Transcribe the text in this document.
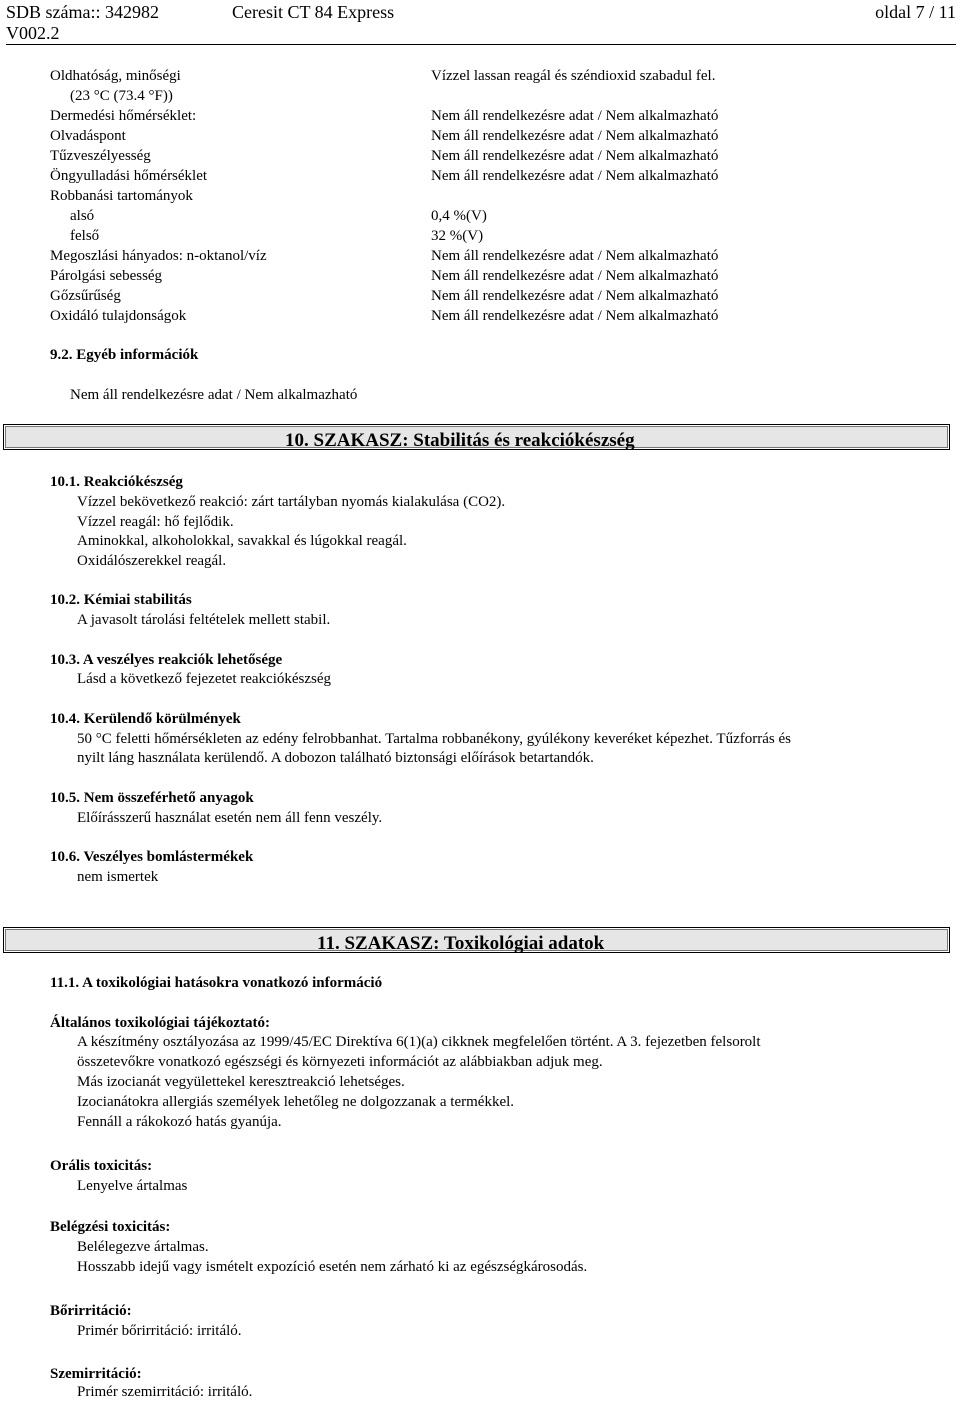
SDB száma:: 342982	Ceresit CT 84 Express	oldal 7 / 11
V002.2
Oldhatóság, minőségi	Vízzel lassan reagál és széndioxid szabadul fel.
(23 °C (73.4 °F))
Dermedési hőmérséklet:	Nem áll rendelkezésre adat / Nem alkalmazható
Olvadáspont	Nem áll rendelkezésre adat / Nem alkalmazható
Tűzveszélyesség	Nem áll rendelkezésre adat / Nem alkalmazható
Öngyulladási hőmérséklet	Nem áll rendelkezésre adat / Nem alkalmazható
Robbanási tartományok
alsó	0,4 %(V)
felső	32 %(V)
Megoszlási hányados: n-oktanol/víz	Nem áll rendelkezésre adat / Nem alkalmazható
Párolgási sebesség	Nem áll rendelkezésre adat / Nem alkalmazható
Gőzsűrűség	Nem áll rendelkezésre adat / Nem alkalmazható
Oxidáló tulajdonságok	Nem áll rendelkezésre adat / Nem alkalmazható
9.2. Egyéb információk
Nem áll rendelkezésre adat / Nem alkalmazható
10. SZAKASZ: Stabilitás és reakciókészség
10.1. Reakciókészség
Vízzel bekövetkező reakció: zárt tartályban nyomás kialakulása (CO2).
Vízzel reagál: hő fejlődik.
Aminokkal, alkoholokkal, savakkal és lúgokkal reagál.
Oxidálószerekkel reagál.
10.2. Kémiai stabilitás
A javasolt tárolási feltételek mellett stabil.
10.3. A veszélyes reakciók lehetősége
Lásd a következő fejezetet reakciókészség
10.4. Kerülendő körülmények
50 °C feletti hőmérsékleten az edény felrobbanhat. Tartalma robbanékony, gyúlékony keveréket képezhet. Tűzforrás és
nyilt láng használata kerülendő. A dobozon található biztonsági előírások betartandók.
10.5. Nem összeférhető anyagok
Előírásszerű használat esetén nem áll fenn veszély.
10.6. Veszélyes bomlástermékek
nem ismertek
11. SZAKASZ: Toxikológiai adatok
11.1. A toxikológiai hatásokra vonatkozó információ
Általános toxikológiai tájékoztató:
A készítmény osztályozása az 1999/45/EC Direktíva 6(1)(a) cikknek megfelelően történt. A 3. fejezetben felsorolt
összetevőkre vonatkozó egészségi és környezeti információt az alábbiakban adjuk meg.
Más izocianát vegyülettekel keresztreakció lehetséges.
Izocianátokra allergiás személyek lehetőleg ne dolgozzanak a termékkel.
Fennáll a rákokozó hatás gyanúja.
Orális toxicitás:
Lenyelve ártalmas
Belégzési toxicitás:
Belélegezve ártalmas.
Hosszabb idejű vagy ismételt expozíció esetén nem zárható ki az egészségkárosodás.
Bőrirritáció:
Primér bőrirritáció: irritáló.
Szemirritáció:
Primér szemirritáció: irritáló.
